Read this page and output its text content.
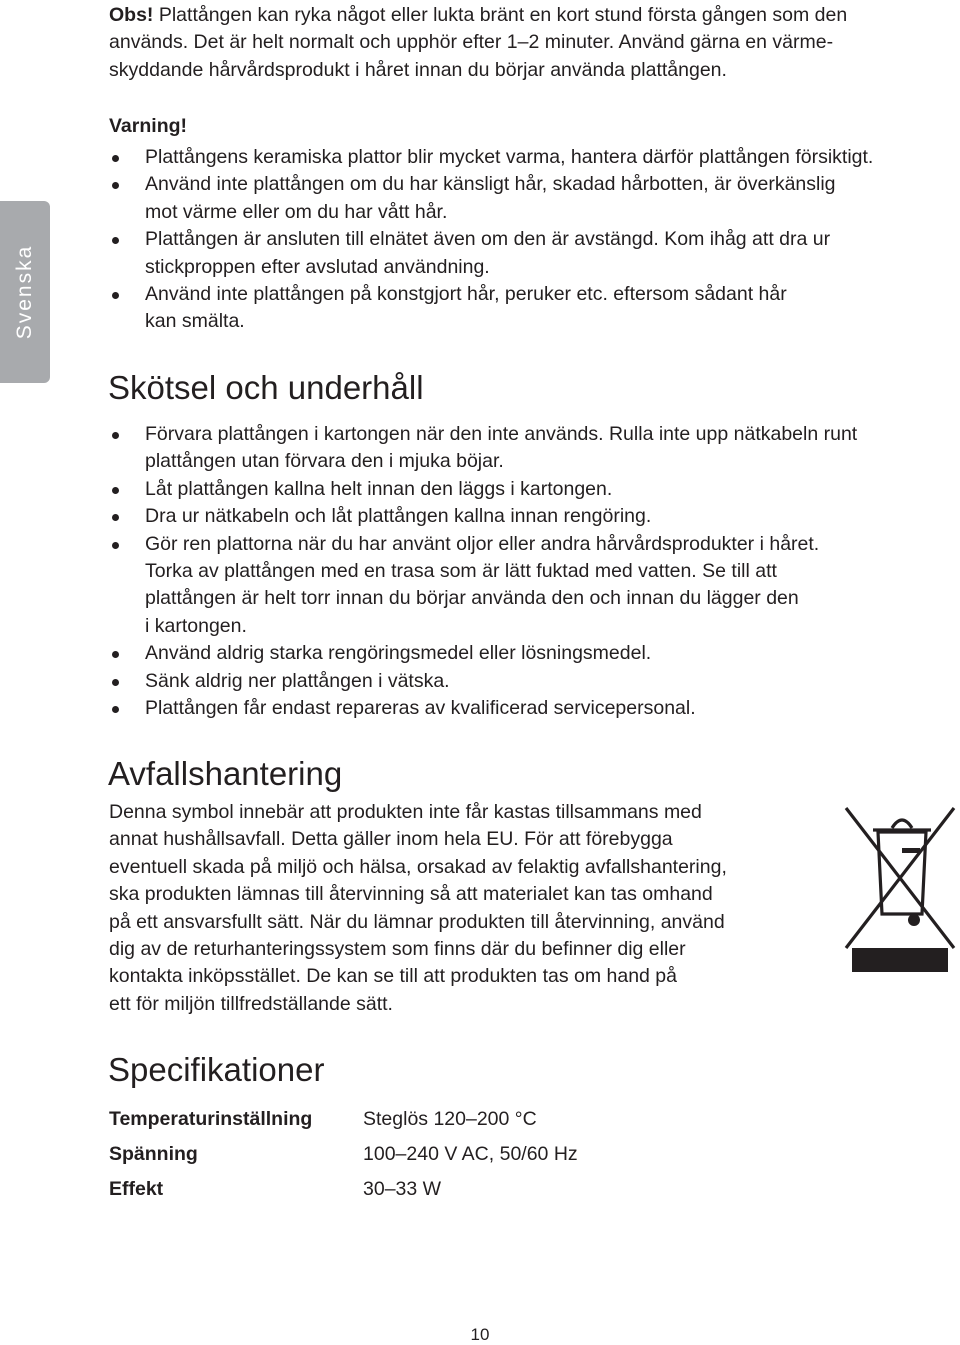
Svenska
Obs! Plattången kan ryka något eller lukta bränt en kort stund första gången som den
används. Det är helt normalt och upphör efter 1–2 minuter. Använd gärna en värme-
skyddande hårvårdsprodukt i håret innan du börjar använda plattången.
Varning!
Plattångens keramiska plattor blir mycket varma, hantera därför plattången försiktigt.
Använd inte plattången om du har känsligt hår, skadad hårbotten, är överkänslig
mot värme eller om du har vått hår.
Plattången är ansluten till elnätet även om den är avstängd. Kom ihåg att dra ur
stickproppen efter avslutad användning.
Använd inte plattången på konstgjort hår, peruker etc. eftersom sådant hår
kan smälta.
Skötsel och underhåll
Förvara plattången i kartongen när den inte används. Rulla inte upp nätkabeln runt
plattången utan förvara den i mjuka böjar.
Låt plattången kallna helt innan den läggs i kartongen.
Dra ur nätkabeln och låt plattången kallna innan rengöring.
Gör ren plattorna när du har använt oljor eller andra hårvårdsprodukter i håret.
Torka av plattången med en trasa som är lätt fuktad med vatten. Se till att
plattången är helt torr innan du börjar använda den och innan du lägger den
i kartongen.
Använd aldrig starka rengöringsmedel eller lösningsmedel.
Sänk aldrig ner plattången i vätska.
Plattången får endast repareras av kvalificerad servicepersonal.
Avfallshantering
Denna symbol innebär att produkten inte får kastas tillsammans med
annat hushållsavfall. Detta gäller inom hela EU. För att förebygga
eventuell skada på miljö och hälsa, orsakad av felaktig avfallshantering,
ska produkten lämnas till återvinning så att materialet kan tas omhand
på ett ansvarsfullt sätt. När du lämnar produkten till återvinning, använd
dig av de returhanteringssystem som finns där du befinner dig eller
kontakta inköpsstället. De kan se till att produkten tas om hand på
ett för miljön tillfredställande sätt.
Specifikationer
Temperaturinställning	Steglös 120–200 °C
Spänning	100–240 V AC, 50/60 Hz
Effekt	30–33 W
10
